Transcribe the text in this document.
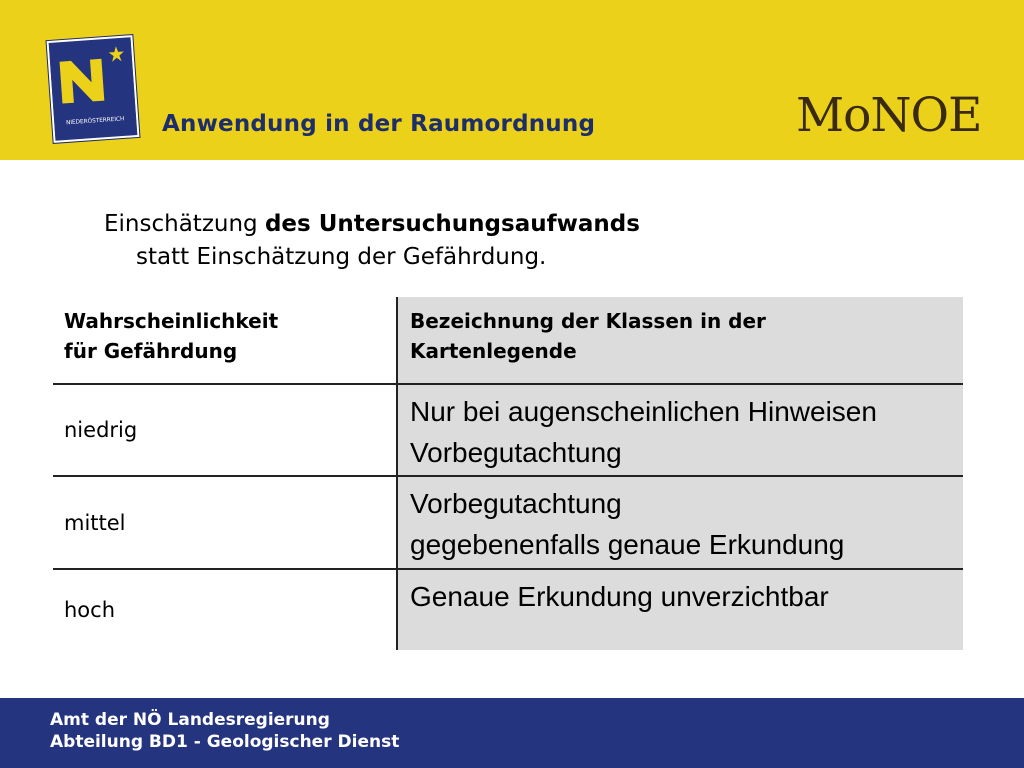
NIEDERÖSTERREICH Anwendung in der Raumordnung	MoNOE
Einschätzung des Untersuchungsaufwands
statt Einschätzung der Gefährdung.
Wahrscheinlichkeit
für Gefährdung
Bezeichnung der Klassen in der
Kartenlegende
niedrig
Nur bei augenscheinlichen Hinweisen
Vorbegutachtung
mittel
Vorbegutachtung
gegebenenfalls genaue Erkundung
hoch	Genaue Erkundung unverzichtbar
Amt der NÖ Landesregierung
Abteilung BD1 - Geologischer Dienst
